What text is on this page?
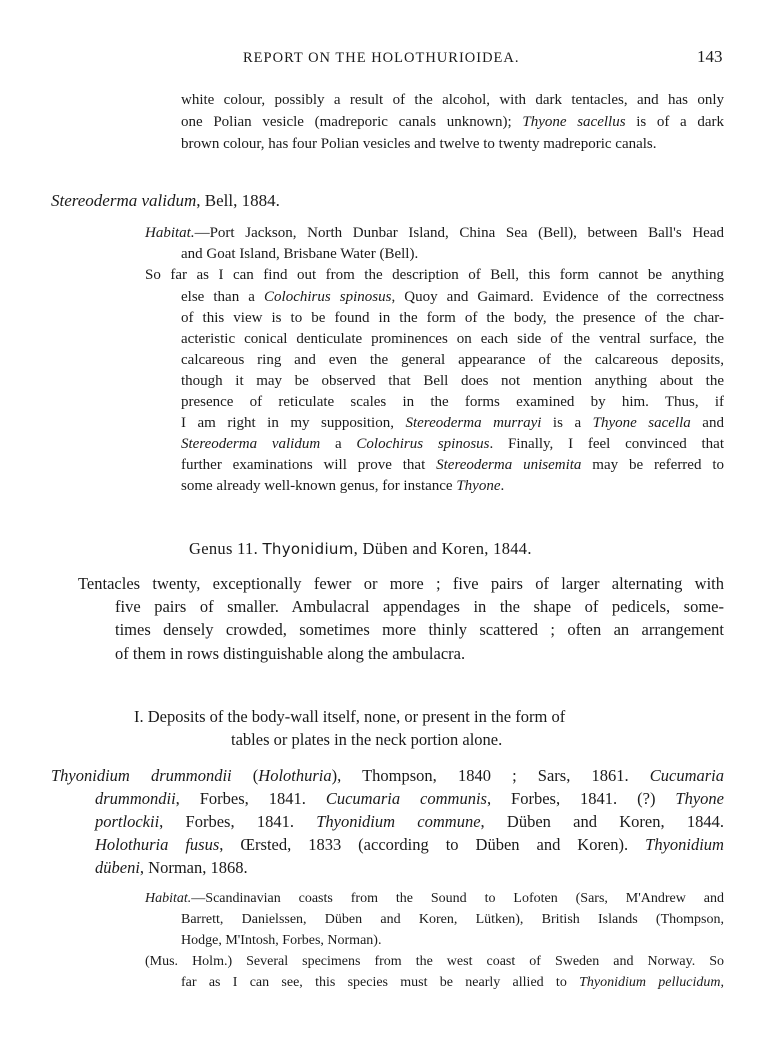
REPORT ON THE HOLOTHURIOIDEA.	143
white colour, possibly a result of the alcohol, with dark tentacles, and has only
one Polian vesicle (madreporic canals unknown); Thyone sacellus is of a dark
brown colour, has four Polian vesicles and twelve to twenty madreporic canals.
Stereoderma validum, Bell, 1884.
Habitat.—Port Jackson, North Dunbar Island, China Sea (Bell), between Ball's Head
and Goat Island, Brisbane Water (Bell).
So far as I can find out from the description of Bell, this form cannot be anything
else than a Colochirus spinosus, Quoy and Gaimard. Evidence of the correctness
of this view is to be found in the form of the body, the presence of the char-
acteristic conical denticulate prominences on each side of the ventral surface, the
calcareous ring and even the general appearance of the calcareous deposits,
though it may be observed that Bell does not mention anything about the
presence of reticulate scales in the forms examined by him. Thus, if
I am right in my supposition, Stereoderma murrayi is a Thyone sacella and
Stereoderma validum a Colochirus spinosus. Finally, I feel convinced that
further examinations will prove that Stereoderma unisemita may be referred to
some already well-known genus, for instance Thyone.
Genus 11. Thyonidium, Düben and Koren, 1844.
Tentacles twenty, exceptionally fewer or more ; five pairs of larger alternating with
five pairs of smaller. Ambulacral appendages in the shape of pedicels, some-
times densely crowded, sometimes more thinly scattered ; often an arrangement
of them in rows distinguishable along the ambulacra.
I. Deposits of the body-wall itself, none, or present in the form of
tables or plates in the neck portion alone.
Thyonidium drummondii (Holothuria), Thompson, 1840 ; Sars, 1861. Cucumaria
drummondii, Forbes, 1841. Cucumaria communis, Forbes, 1841. (?) Thyone
portlockii, Forbes, 1841. Thyonidium commune, Düben and Koren, 1844.
Holothuria fusus, Œrsted, 1833 (according to Düben and Koren). Thyonidium
dübeni, Norman, 1868.
Habitat.—Scandinavian coasts from the Sound to Lofoten (Sars, M'Andrew and
Barrett, Danielssen, Düben and Koren, Lütken), British Islands (Thompson,
Hodge, M'Intosh, Forbes, Norman).
(Mus. Holm.) Several specimens from the west coast of Sweden and Norway. So
far as I can see, this species must be nearly allied to Thyonidium pellucidum,
